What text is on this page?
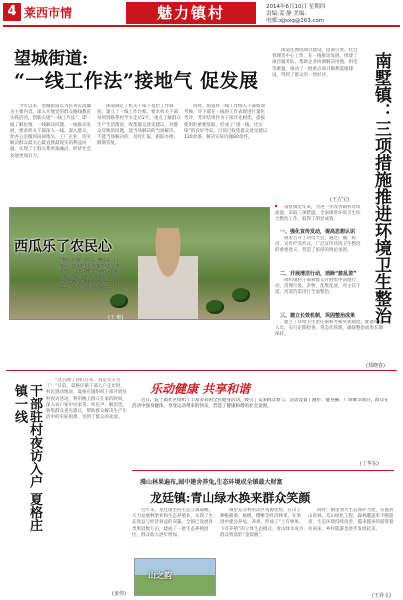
4 莱西市情	魅力镇村	2014年6月10日 星期四
责编:姜 静 美编:
电邮:xjjsxq@163.com
望城街道:
“一线工作法”接地气 促发展
今年以来，望城街道以为民务实清廉为主要内容，深入开展党的群众路线教育实践活动，创新实施“一线工作法”，即一线了解民情、一线解决问题、一线推动发展，要求机关干部深入一线、深入群众，把办公室搬到田间地头、工厂企业，切实解决群众最关心最直接最现实的利益问题，实现了干群关系更加融洽，经济社会发展更加有力。
街道制定了机关干部下基层工作制度，建立了一线工作台账，要求机关干部每周到联系村至少走访2天，重点了解群众生产生活情况，收集群众意见建议，对群众反映的问题，能当场解决的当场解决，不能当场解决的，及时汇报、跟踪办理，限期答复。
同时，街道将一线工作纳入干部绩效考核，对干部在一线的工作表现进行量化考评，考评结果作为干部评先树优、提拔使用的重要依据，形成了“重一线、比实绩”的良好导向。目前已收集群众意见建议120余条，解决实际问题80余件。
街道还围绕项目建设、招商引资、社会管理等中心工作，在一线推动发展，组建了项目服务队，帮助企业协调解决用地、用电等难题，推动了一批重点项目顺利落地建设，得到了群众的一致好评。
(王方宝)
西瓜乐了农民心
“我们这里的小西瓜，糖度高、口感好，每年都有很多客商专程过来收购。”正在瓜棚里忙碌的瓜农高兴地说。近年来，店埠镇引导农民发展大棚西瓜种植，通过统一技术指导，带动了农民增收致富。
(王 维)	南墅镇：三项措施推进环境卫生整治
南墅镇近年来，为进一步改善镇村环境面貌，采取三项措施，全面推进环境卫生综合整治工作，取得了明显成效。
一、强化宣传发动，提高思想认识
镇里召开了动员大会，通过广播、标语、宣传栏等形式，广泛宣传环境卫生整治的重要意义，营造了浓厚的舆论氛围。
二、开展清洁行动，消除“脏乱差”
组织镇村干部和群众开展集中清理行动，清理垃圾、杂物、乱堆乱放，对主次干道、河道沟渠进行全面整治。
三、建立长效机制，巩固整治成果
建立了环境卫生责任制和考核奖惩制度，配备保洁人员，实行定期检查、常态化管理，确保整治成果长期保持。
(郑晓春)
干部驻村夜访入户 夏格庄镇一线
“这么晚了你们还来，真是太辛苦了！”日前，夏格庄镇干部入户走访时，村民感动地说。夏格庄镇组织干部开展驻村夜访活动，利用晚上群众在家的时间，深入农户家中拉家常、听民声、解民忧，收集群众意见建议，帮助群众解决生产生活中的实际困难，受到了群众的欢迎。
(姜伟)
乐动健康 共享和谐
近日，院上镇社区组织了丰富多彩的全民健身活动，吸引了众多群众参与。活动设置了跑步、健身操、广场舞等项目，群众在活动中强身健体，享受运动带来的快乐，营造了健康和谐的社会氛围。
(丁华东)
漫山林果遍布,园中建舍养兔,生态环境成全镇最大财富
龙廷镇:青山绿水换来群众笑颜
近年来，龙廷镇坚持生态立镇战略，大力发展林果业和生态养殖业，实现了生态效益与经济效益的双赢。全镇已发展各类果园数万亩，建成了一批生态养殖园区，群众收入逐年增加。
镇里充分利用山区资源优势，在山上种植板栗、核桃、樱桃等经济林果，在果园中建舍养兔、养鸡，形成了“上有林果、下有养殖”的立体生态模式，青山绿水成为群众致富的“金饭碗”。
同时，镇里加大生态保护力度，实施封山育林、荒山绿化工程，森林覆盖率不断提高，生态环境持续改善，越来越多的游客慕名而来，乡村旅游也逐步发展起来。
山之韵
(王祥文)
